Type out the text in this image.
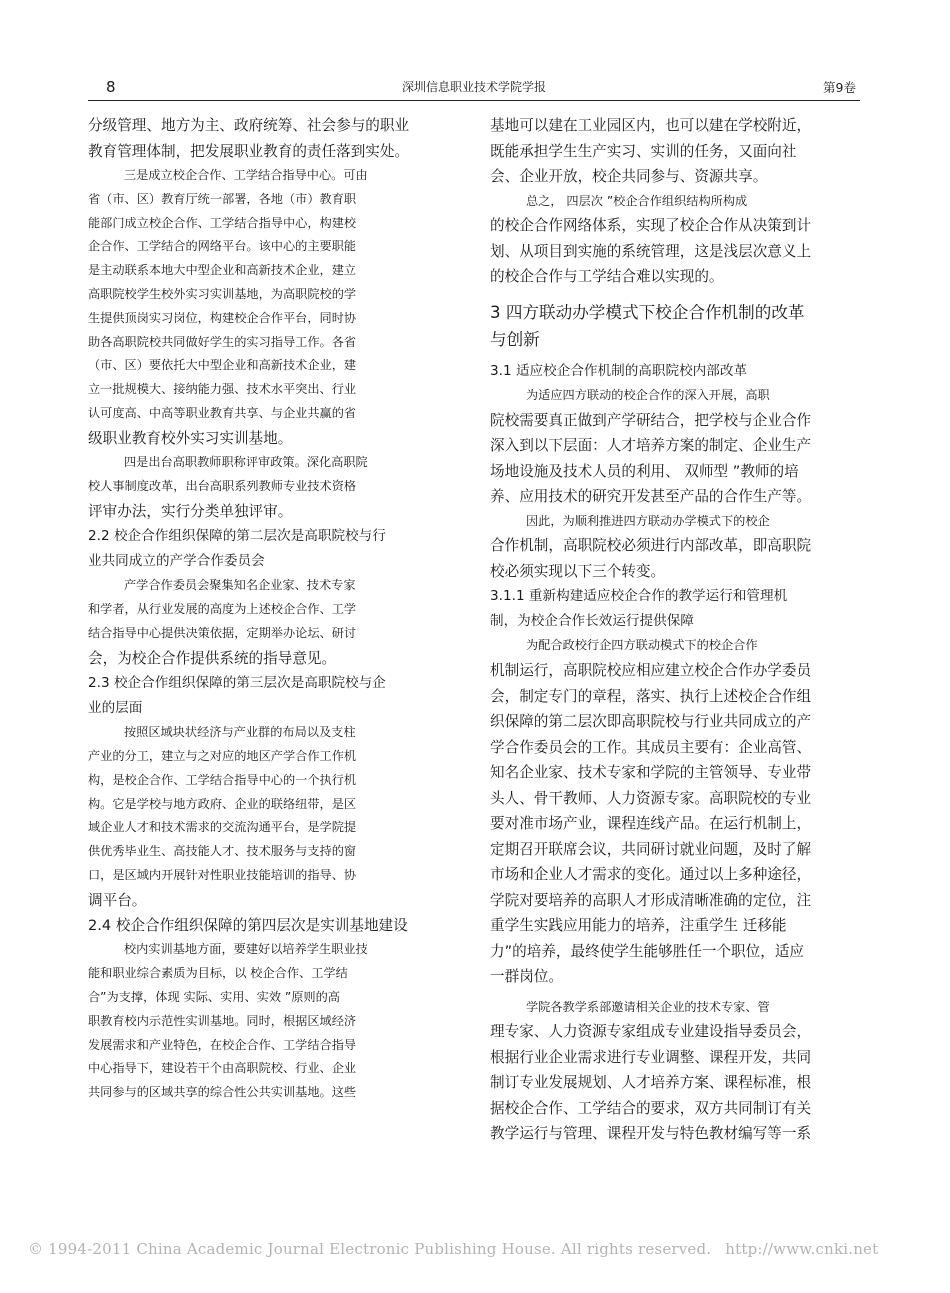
8	深圳信息职业技术学院学报	第9卷
分级管理、地方为主、政府统筹、社会参与的职业
教育管理体制，把发展职业教育的责任落到实处。
三是成立校企合作、工学结合指导中心。可由
省（市、区）教育厅统一部署，各地（市）教育职
能部门成立校企合作、工学结合指导中心，构建校
企合作、工学结合的网络平台。该中心的主要职能
是主动联系本地大中型企业和高新技术企业，建立
高职院校学生校外实习实训基地，为高职院校的学
生提供顶岗实习岗位，构建校企合作平台，同时协
助各高职院校共同做好学生的实习指导工作。各省
（市、区）要依托大中型企业和高新技术企业，建
立一批规模大、接纳能力强、技术水平突出、行业
认可度高、中高等职业教育共享、与企业共赢的省
级职业教育校外实习实训基地。
四是出台高职教师职称评审政策。深化高职院
校人事制度改革，出台高职系列教师专业技术资格
评审办法，实行分类单独评审。
2.2 校企合作组织保障的第二层次是高职院校与行
业共同成立的产学合作委员会
产学合作委员会聚集知名企业家、技术专家
和学者，从行业发展的高度为上述校企合作、工学
结合指导中心提供决策依据，定期举办论坛、研讨
会，为校企合作提供系统的指导意见。
2.3 校企合作组织保障的第三层次是高职院校与企
业的层面
按照区域块状经济与产业群的布局以及支柱
产业的分工，建立与之对应的地区产学合作工作机
构，是校企合作、工学结合指导中心的一个执行机
构。它是学校与地方政府、企业的联络纽带，是区
域企业人才和技术需求的交流沟通平台，是学院提
供优秀毕业生、高技能人才、技术服务与支持的窗
口，是区域内开展针对性职业技能培训的指导、协
调平台。
2.4 校企合作组织保障的第四层次是实训基地建设
校内实训基地方面，要建好以培养学生职业技
能和职业综合素质为目标，以 校企合作、工学结
合”为支撑，体现 实际、实用、实效 ”原则的高
职教育校内示范性实训基地。同时，根据区域经济
发展需求和产业特色，在校企合作、工学结合指导
中心指导下，建设若干个由高职院校、行业、企业
共同参与的区域共享的综合性公共实训基地。这些
基地可以建在工业园区内，也可以建在学校附近，
既能承担学生生产实习、实训的任务，又面向社
会、企业开放，校企共同参与、资源共享。
总之， 四层次 ”校企合作组织结构所构成
的校企合作网络体系，实现了校企合作从决策到计
划、从项目到实施的系统管理，这是浅层次意义上
的校企合作与工学结合难以实现的。
3 四方联动办学模式下校企合作机制的改革
与创新
3.1 适应校企合作机制的高职院校内部改革
为适应四方联动的校企合作的深入开展，高职
院校需要真正做到产学研结合，把学校与企业合作
深入到以下层面：人才培养方案的制定、企业生产
场地设施及技术人员的利用、 双师型 ”教师的培
养、应用技术的研究开发甚至产品的合作生产等。
因此，为顺利推进四方联动办学模式下的校企
合作机制，高职院校必须进行内部改革，即高职院
校必须实现以下三个转变。
3.1.1 重新构建适应校企合作的教学运行和管理机
制，为校企合作长效运行提供保障
为配合政校行企四方联动模式下的校企合作
机制运行，高职院校应相应建立校企合作办学委员
会，制定专门的章程，落实、执行上述校企合作组
织保障的第二层次即高职院校与行业共同成立的产
学合作委员会的工作。其成员主要有：企业高管、
知名企业家、技术专家和学院的主管领导、专业带
头人、骨干教师、人力资源专家。高职院校的专业
要对准市场产业，课程连线产品。在运行机制上，
定期召开联席会议，共同研讨就业问题，及时了解
市场和企业人才需求的变化。通过以上多种途径，
学院对要培养的高职人才形成清晰准确的定位，注
重学生实践应用能力的培养，注重学生 迁移能
力”的培养，最终使学生能够胜任一个职位，适应
一群岗位。
学院各教学系部邀请相关企业的技术专家、管
理专家、人力资源专家组成专业建设指导委员会，
根据行业企业需求进行专业调整、课程开发，共同
制订专业发展规划、人才培养方案、课程标准，根
据校企合作、工学结合的要求，双方共同制订有关
教学运行与管理、课程开发与特色教材编写等一系
© 1994-2011 China Academic Journal Electronic Publishing House. All rights reserved. http://www.cnki.net
